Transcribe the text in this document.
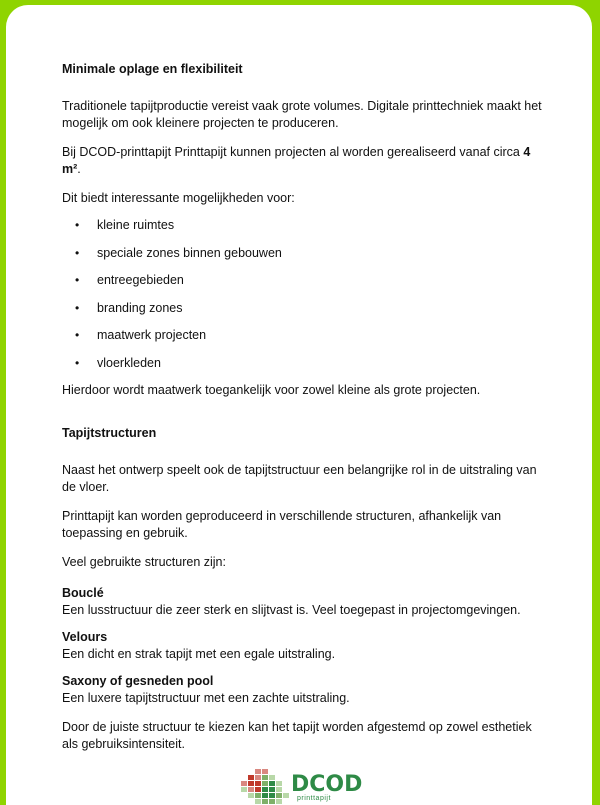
Minimale oplage en flexibiliteit

Traditionele tapijtproductie vereist vaak grote volumes. Digitale printtechniek maakt het mogelijk om ook kleinere projecten te produceren.

Bij DCOD-printtapijt Printtapijt kunnen projecten al worden gerealiseerd vanaf circa 4 m².

Dit biedt interessante mogelijkheden voor:

• kleine ruimtes
• speciale zones binnen gebouwen
• entreegebieden
• branding zones
• maatwerk projecten
• vloerkleden

Hierdoor wordt maatwerk toegankelijk voor zowel kleine als grote projecten.

Tapijtstructuren

Naast het ontwerp speelt ook de tapijtstructuur een belangrijke rol in de uitstraling van de vloer.

Printtapijt kan worden geproduceerd in verschillende structuren, afhankelijk van toepassing en gebruik.

Veel gebruikte structuren zijn:

Bouclé
Een lusstructuur die zeer sterk en slijtvast is. Veel toegepast in projectomgevingen.
Velours
Een dicht en strak tapijt met een egale uitstraling.
Saxony of gesneden pool
Een luxere tapijtstructuur met een zachte uitstraling.

Door de juiste structuur te kiezen kan het tapijt worden afgestemd op zowel esthetiek als gebruiksintensiteit.

DCOD
printtapijt
